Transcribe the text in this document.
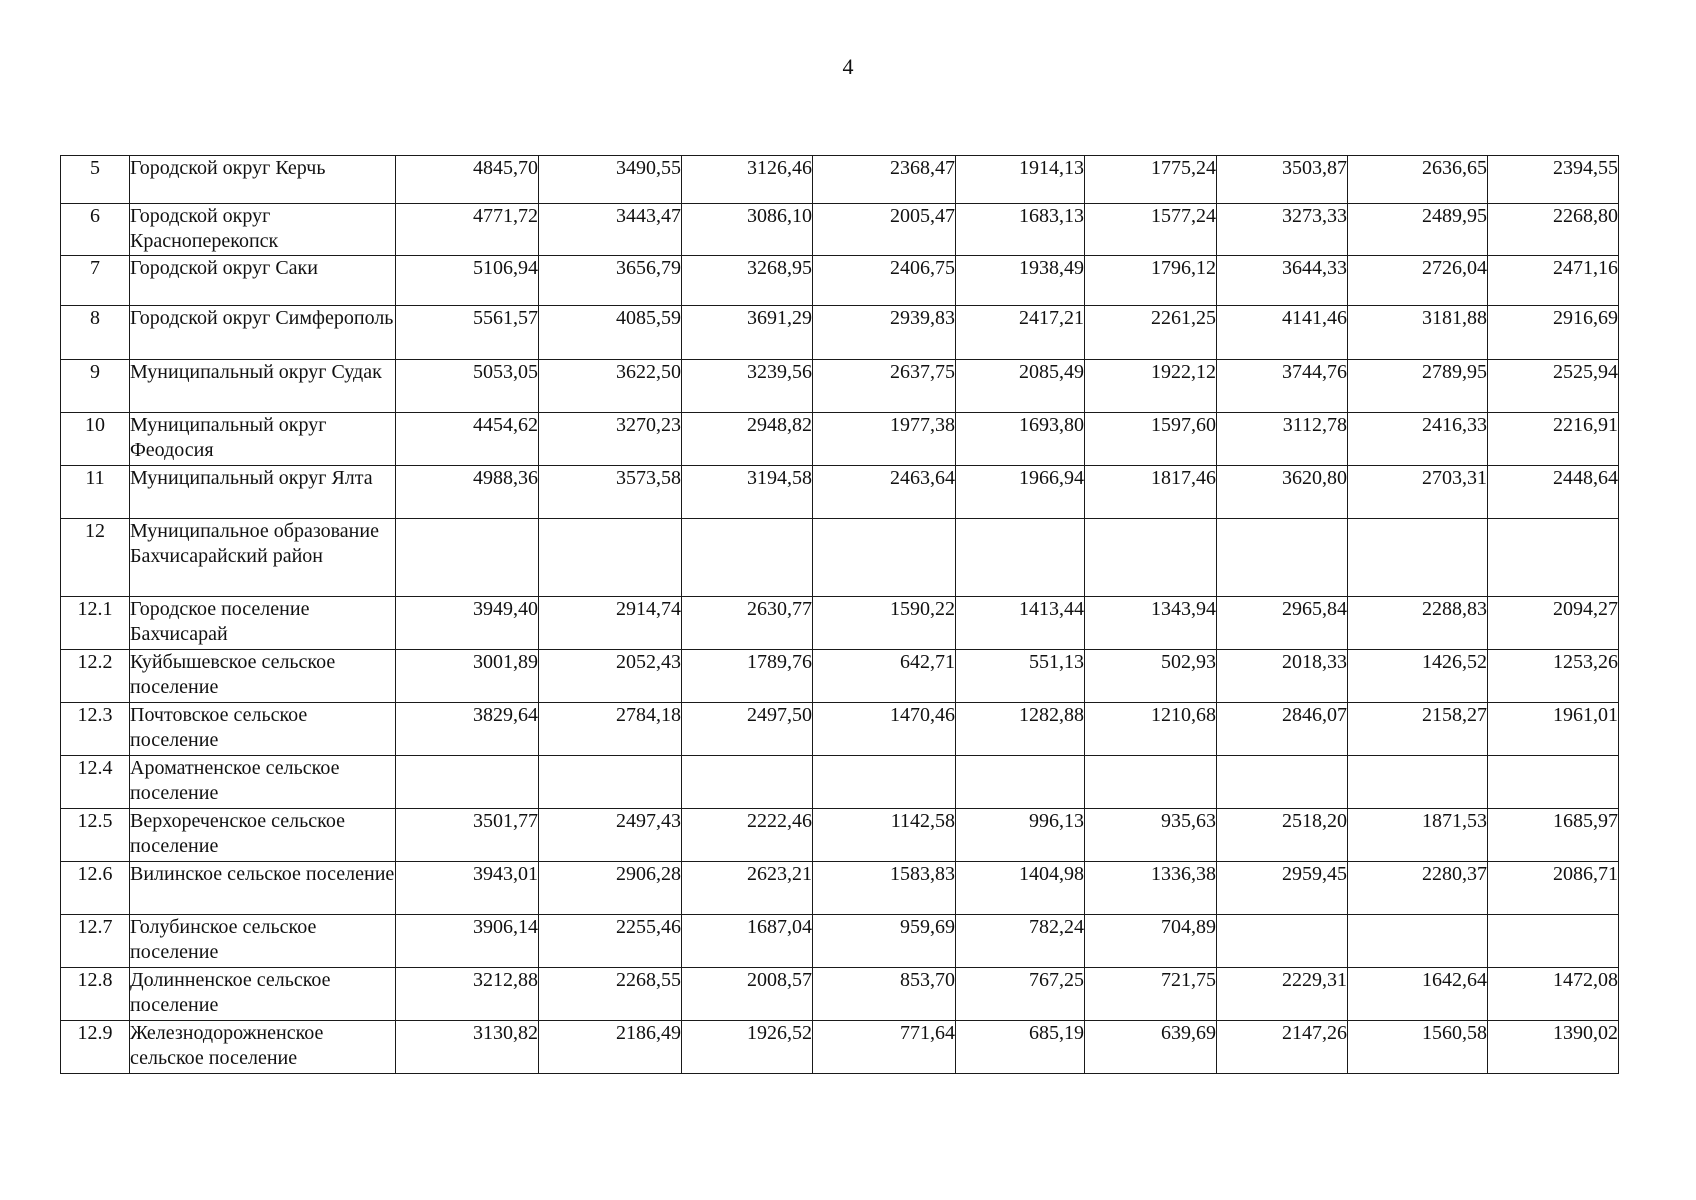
4
5	Городской округ Керчь	4845,70	3490,55	3126,46	2368,47	1914,13	1775,24	3503,87	2636,65	2394,55
6	Городской округ Красноперекопск	4771,72	3443,47	3086,10	2005,47	1683,13	1577,24	3273,33	2489,95	2268,80
7	Городской округ Саки	5106,94	3656,79	3268,95	2406,75	1938,49	1796,12	3644,33	2726,04	2471,16
8	Городской округ Симферополь	5561,57	4085,59	3691,29	2939,83	2417,21	2261,25	4141,46	3181,88	2916,69
9	Муниципальный округ Судак	5053,05	3622,50	3239,56	2637,75	2085,49	1922,12	3744,76	2789,95	2525,94
10	Муниципальный округ Феодосия	4454,62	3270,23	2948,82	1977,38	1693,80	1597,60	3112,78	2416,33	2216,91
11	Муниципальный округ Ялта	4988,36	3573,58	3194,58	2463,64	1966,94	1817,46	3620,80	2703,31	2448,64
12	Муниципальное образование Бахчисарайский район									
12.1	Городское поселение Бахчисарай	3949,40	2914,74	2630,77	1590,22	1413,44	1343,94	2965,84	2288,83	2094,27
12.2	Куйбышевское сельское поселение	3001,89	2052,43	1789,76	642,71	551,13	502,93	2018,33	1426,52	1253,26
12.3	Почтовское сельское поселение	3829,64	2784,18	2497,50	1470,46	1282,88	1210,68	2846,07	2158,27	1961,01
12.4	Ароматненское сельское поселение									
12.5	Верхореченское сельское поселение	3501,77	2497,43	2222,46	1142,58	996,13	935,63	2518,20	1871,53	1685,97
12.6	Вилинское сельское поселение	3943,01	2906,28	2623,21	1583,83	1404,98	1336,38	2959,45	2280,37	2086,71
12.7	Голубинское сельское поселение	3906,14	2255,46	1687,04	959,69	782,24	704,89			
12.8	Долинненское сельское поселение	3212,88	2268,55	2008,57	853,70	767,25	721,75	2229,31	1642,64	1472,08
12.9	Железнодорожненское сельское поселение	3130,82	2186,49	1926,52	771,64	685,19	639,69	2147,26	1560,58	1390,02
